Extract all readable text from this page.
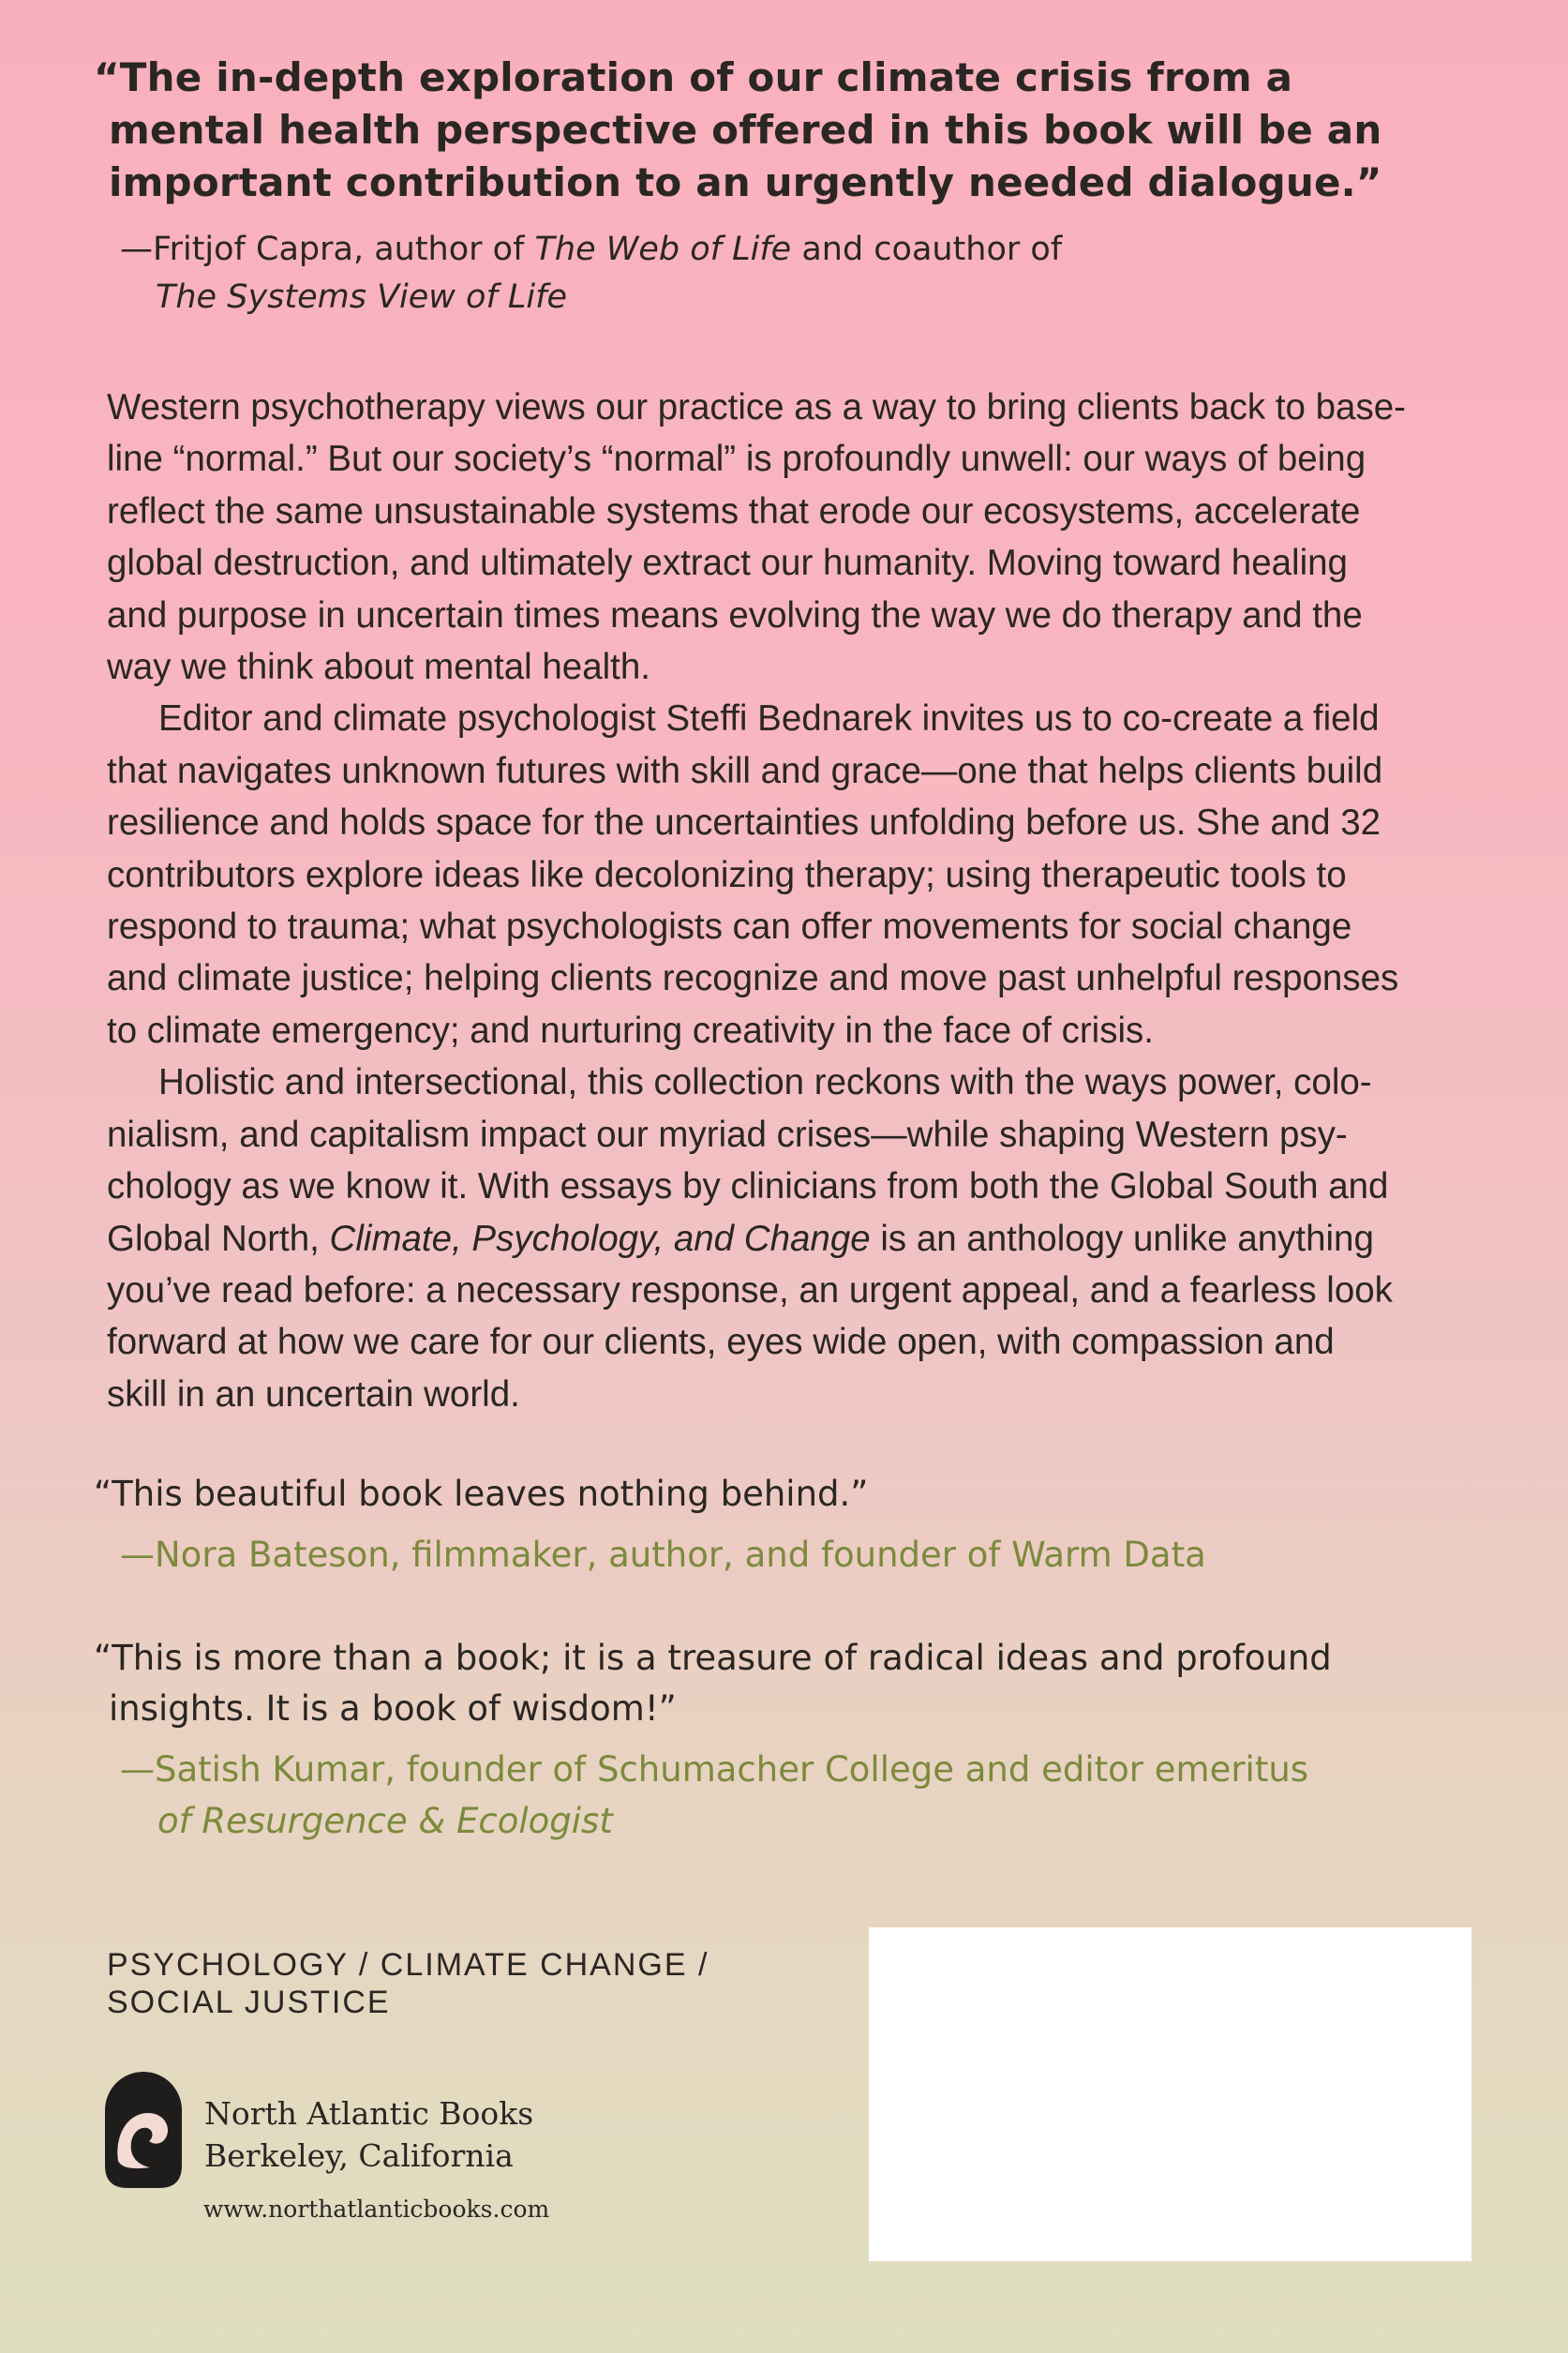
“The in-depth exploration of our climate crisis from a
mental health perspective offered in this book will be an
important contribution to an urgently needed dialogue.”

—Fritjof Capra, author of The Web of Life and coauthor of
The Systems View of Life

Western psychotherapy views our practice as a way to bring clients back to base-
line “normal.” But our society’s “normal” is profoundly unwell: our ways of being
reflect the same unsustainable systems that erode our ecosystems, accelerate
global destruction, and ultimately extract our humanity. Moving toward healing
and purpose in uncertain times means evolving the way we do therapy and the
way we think about mental health.

Editor and climate psychologist Steffi Bednarek invites us to co-create a field
that navigates unknown futures with skill and grace—one that helps clients build
resilience and holds space for the uncertainties unfolding before us. She and 32
contributors explore ideas like decolonizing therapy; using therapeutic tools to
respond to trauma; what psychologists can offer movements for social change
and climate justice; helping clients recognize and move past unhelpful responses
to climate emergency; and nurturing creativity in the face of crisis.

Holistic and intersectional, this collection reckons with the ways power, colo-
nialism, and capitalism impact our myriad crises—while shaping Western psy-
chology as we know it. With essays by clinicians from both the Global South and
Global North, Climate, Psychology, and Change is an anthology unlike anything
you’ve read before: a necessary response, an urgent appeal, and a fearless look
forward at how we care for our clients, eyes wide open, with compassion and
skill in an uncertain world.

“This beautiful book leaves nothing behind.”

—Nora Bateson, filmmaker, author, and founder of Warm Data

“This is more than a book; it is a treasure of radical ideas and profound
insights. It is a book of wisdom!”

—Satish Kumar, founder of Schumacher College and editor emeritus
of Resurgence & Ecologist
PSYCHOLOGY / CLIMATE CHANGE /
SOCIAL JUSTICE
North Atlantic Books
Berkeley, California
www.northatlanticbooks.com
